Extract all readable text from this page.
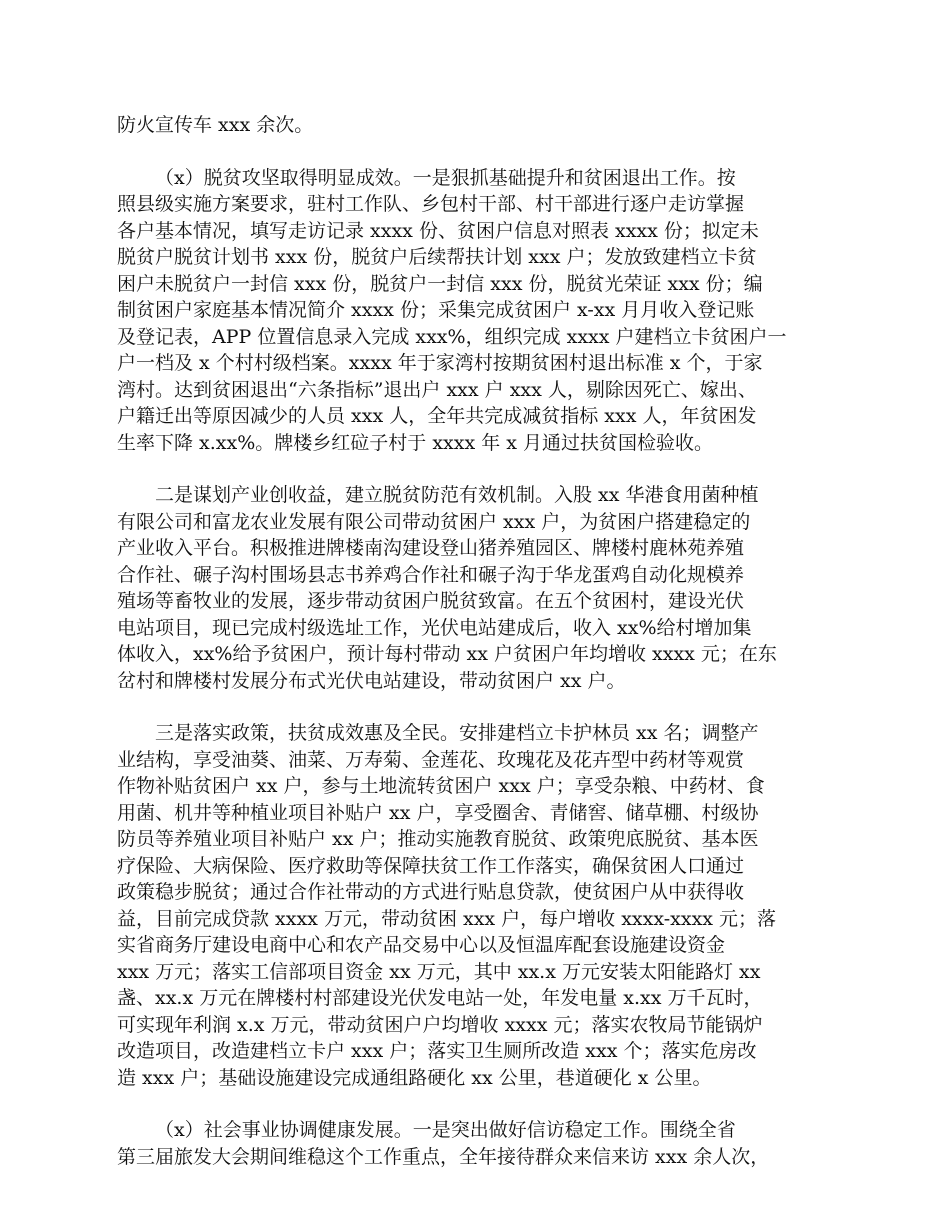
防火宣传车 xxx 余次。

（x）脱贫攻坚取得明显成效。一是狠抓基础提升和贫困退出工作。按
照县级实施方案要求，驻村工作队、乡包村干部、村干部进行逐户走访掌握
各户基本情况，填写走访记录 xxxx 份、贫困户信息对照表 xxxx 份；拟定未
脱贫户脱贫计划书 xxx 份，脱贫户后续帮扶计划 xxx 户；发放致建档立卡贫
困户未脱贫户一封信 xxx 份，脱贫户一封信 xxx 份，脱贫光荣证 xxx 份；编
制贫困户家庭基本情况简介 xxxx 份；采集完成贫困户 x-xx 月月收入登记账
及登记表，APP 位置信息录入完成 xxx%，组织完成 xxxx 户建档立卡贫困户一
户一档及 x 个村村级档案。xxxx 年于家湾村按期贫困村退出标准 x 个，于家
湾村。达到贫困退出“六条指标”退出户 xxx 户 xxx 人，剔除因死亡、嫁出、
户籍迁出等原因减少的人员 xxx 人，全年共完成减贫指标 xxx 人，年贫困发
生率下降 x.xx%。牌楼乡红砬子村于 xxxx 年 x 月通过扶贫国检验收。

二是谋划产业创收益，建立脱贫防范有效机制。入股 xx 华港食用菌种植
有限公司和富龙农业发展有限公司带动贫困户 xxx 户，为贫困户搭建稳定的
产业收入平台。积极推进牌楼南沟建设登山猪养殖园区、牌楼村鹿林苑养殖
合作社、碾子沟村围场县志书养鸡合作社和碾子沟于华龙蛋鸡自动化规模养
殖场等畜牧业的发展，逐步带动贫困户脱贫致富。在五个贫困村，建设光伏
电站项目，现已完成村级选址工作，光伏电站建成后，收入 xx%给村增加集
体收入，xx%给予贫困户，预计每村带动 xx 户贫困户年均增收 xxxx 元；在东
岔村和牌楼村发展分布式光伏电站建设，带动贫困户 xx 户。

三是落实政策，扶贫成效惠及全民。安排建档立卡护林员 xx 名；调整产
业结构，享受油葵、油菜、万寿菊、金莲花、玫瑰花及花卉型中药材等观赏
作物补贴贫困户 xx 户，参与土地流转贫困户 xxx 户；享受杂粮、中药材、食
用菌、机井等种植业项目补贴户 xx 户，享受圈舍、青储窖、储草棚、村级协
防员等养殖业项目补贴户 xx 户；推动实施教育脱贫、政策兜底脱贫、基本医
疗保险、大病保险、医疗救助等保障扶贫工作工作落实，确保贫困人口通过
政策稳步脱贫；通过合作社带动的方式进行贴息贷款，使贫困户从中获得收
益，目前完成贷款 xxxx 万元，带动贫困 xxx 户，每户增收 xxxx-xxxx 元；落
实省商务厅建设电商中心和农产品交易中心以及恒温库配套设施建设资金
xxx 万元；落实工信部项目资金 xx 万元，其中 xx.x 万元安装太阳能路灯 xx
盏、xx.x 万元在牌楼村村部建设光伏发电站一处，年发电量 x.xx 万千瓦时，
可实现年利润 x.x 万元，带动贫困户户均增收 xxxx 元；落实农牧局节能锅炉
改造项目，改造建档立卡户 xxx 户；落实卫生厕所改造 xxx 个；落实危房改
造 xxx 户；基础设施建设完成通组路硬化 xx 公里，巷道硬化 x 公里。

（x）社会事业协调健康发展。一是突出做好信访稳定工作。围绕全省
第三届旅发大会期间维稳这个工作重点，全年接待群众来信来访 xxx 余人次，
